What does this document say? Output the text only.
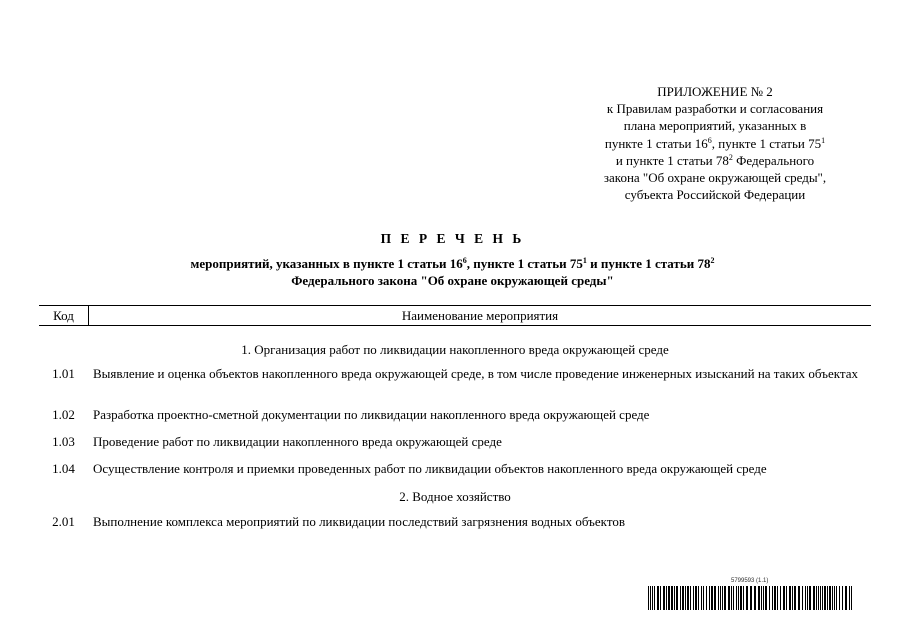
ПРИЛОЖЕНИЕ № 2
к Правилам разработки и согласования
плана мероприятий, указанных в
пункте 1 статьи $16^6$, пункте 1 статьи $75^1$
и пункте 1 статьи $78^2$ Федерального
закона "Об охране окружающей среды",
субъекта Российской Федерации
П Е Р Е Ч Е Н Ь
мероприятий, указанных в пункте 1 статьи $16^6$, пункте 1 статьи $75^1$ и пункте 1 статьи $78^2$
Федерального закона "Об охране окружающей среды"
Код	Наименование мероприятия
1. Организация работ по ликвидации накопленного вреда окружающей среде
1.01	Выявление и оценка объектов накопленного вреда окружающей среде, в том числе проведение инженерных изысканий на таких объектах
1.02	Разработка проектно-сметной документации по ликвидации накопленного вреда окружающей среде
1.03	Проведение работ по ликвидации накопленного вреда окружающей среде
1.04	Осуществление контроля и приемки проведенных работ по ликвидации объектов накопленного вреда окружающей среде
2. Водное хозяйство
2.01	Выполнение комплекса мероприятий по ликвидации последствий загрязнения водных объектов
5799593 (1.1)
